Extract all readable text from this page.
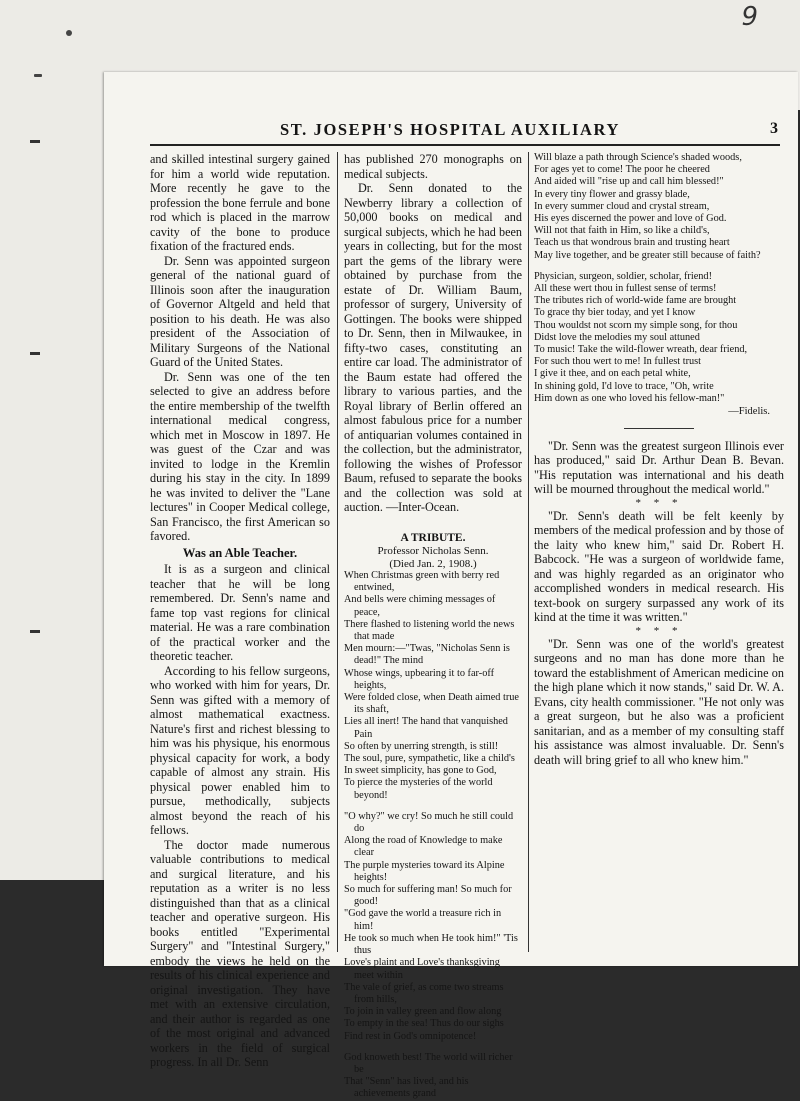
9
ST. JOSEPH'S HOSPITAL AUXILIARY	3

and skilled intestinal surgery gained for him a world wide reputation. More recently he gave to the profession the bone ferrule and bone rod which is placed in the marrow cavity of the bone to produce fixation of the fractured ends.

Dr. Senn was appointed surgeon general of the national guard of Illinois soon after the inauguration of Governor Altgeld and held that position to his death. He was also president of the Association of Military Surgeons of the National Guard of the United States.

Dr. Senn was one of the ten selected to give an address before the entire membership of the twelfth international medical congress, which met in Moscow in 1897. He was guest of the Czar and was invited to lodge in the Kremlin during his stay in the city. In 1899 he was invited to deliver the "Lane lectures" in Cooper Medical college, San Francisco, the first American so favored.

Was an Able Teacher.

It is as a surgeon and clinical teacher that he will be long remembered. Dr. Senn's name and fame top vast regions for clinical material. He was a rare combination of the practical worker and the theoretic teacher.

According to his fellow surgeons, who worked with him for years, Dr. Senn was gifted with a memory of almost mathematical exactness. Nature's first and richest blessing to him was his physique, his enormous physical capacity for work, a body capable of almost any strain. His physical power enabled him to pursue, methodically, subjects almost beyond the reach of his fellows.

The doctor made numerous valuable contributions to medical and surgical literature, and his reputation as a writer is no less distinguished than that as a clinical teacher and operative surgeon. His books entitled "Experimental Surgery" and "Intestinal Surgery," embody the views he held on the results of his clinical experience and original investigation. They have met with an extensive circulation, and their author is regarded as one of the most original and advanced workers in the field of surgical progress. In all Dr. Senn

has published 270 monographs on medical subjects.

Dr. Senn donated to the Newberry library a collection of 50,000 books on medical and surgical subjects, which he had been years in collecting, but for the most part the gems of the library were obtained by purchase from the estate of Dr. William Baum, professor of surgery, University of Gottingen. The books were shipped to Dr. Senn, then in Milwaukee, in fifty-two cases, constituting an entire car load. The administrator of the Baum estate had offered the library to various parties, and the Royal library of Berlin offered an almost fabulous price for a number of antiquarian volumes contained in the collection, but the administrator, following the wishes of Professor Baum, refused to separate the books and the collection was sold at auction. —Inter-Ocean.

A TRIBUTE.
Professor Nicholas Senn.
(Died Jan. 2, 1908.)
When Christmas green with berry red entwined,
And bells were chiming messages of peace,
There flashed to listening world the news that made
Men mourn:—"Twas, "Nicholas Senn is dead!" The mind
Whose wings, upbearing it to far-off heights,
Were folded close, when Death aimed true its shaft,
Lies all inert! The hand that vanquished Pain
So often by unerring strength, is still!
The soul, pure, sympathetic, like a child's
In sweet simplicity, has gone to God,
To pierce the mysteries of the world beyond!
"O why?" we cry! So much he still could do
Along the road of Knowledge to make clear
The purple mysteries toward its Alpine heights!
So much for suffering man! So much for good!
"God gave the world a treasure rich in him!
He took so much when He took him!" 'Tis thus
Love's plaint and Love's thanksgiving meet within
The vale of grief, as come two streams from hills,
To join in valley green and flow along
To empty in the sea! Thus do our sighs
Find rest in God's omnipotence!
God knoweth best! The world will richer be
That "Senn" has lived, and his achievements grand
Will blaze a path through Science's shaded woods,
For ages yet to come! The poor he cheered
And aided will "rise up and call him blessed!"
In every tiny flower and grassy blade,
In every summer cloud and crystal stream,
His eyes discerned the power and love of God.
Will not that faith in Him, so like a child's,
Teach us that wondrous brain and trusting heart
May live together, and be greater still because of faith?
Physician, surgeon, soldier, scholar, friend!
All these wert thou in fullest sense of terms!
The tributes rich of world-wide fame are brought
To grace thy bier today, and yet I know
Thou wouldst not scorn my simple song, for thou
Didst love the melodies my soul attuned
To music! Take the wild-flower wreath, dear friend,
For such thou wert to me! In fullest trust
I give it thee, and on each petal white,
In shining gold, I'd love to trace, "Oh, write
Him down as one who loved his fellow-man!"
—Fidelis.

"Dr. Senn was the greatest surgeon Illinois ever has produced," said Dr. Arthur Dean B. Bevan. "His reputation was international and his death will be mourned throughout the medical world."

* * *

"Dr. Senn's death will be felt keenly by members of the medical profession and by those of the laity who knew him," said Dr. Robert H. Babcock. "He was a surgeon of worldwide fame, and was highly regarded as an originator who accomplished wonders in medical research. His text-book on surgery surpassed any work of its kind at the time it was written."

* * *

"Dr. Senn was one of the world's greatest surgeons and no man has done more than he toward the establishment of American medicine on the high plane which it now stands," said Dr. W. A. Evans, city health commissioner. "He not only was a great surgeon, but he also was a proficient sanitarian, and as a member of my consulting staff his assistance was almost invaluable. Dr. Senn's death will bring grief to all who knew him."
